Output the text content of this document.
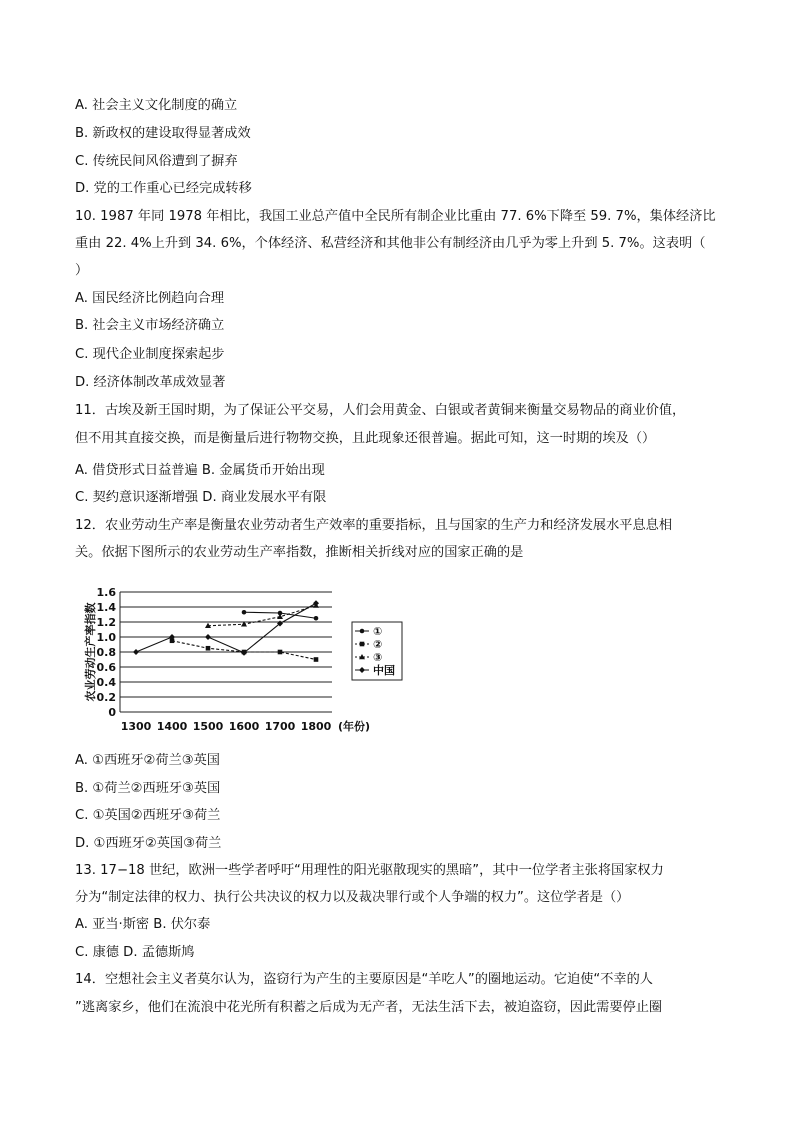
A. 社会主义文化制度的确立
B. 新政权的建设取得显著成效
C. 传统民间风俗遭到了摒弃
D. 党的工作重心已经完成转移
10. 1987 年同 1978 年相比，我国工业总产值中全民所有制企业比重由 77. 6%下降至 59. 7%，集体经济比
重由 22. 4%上升到 34. 6%，个体经济、私营经济和其他非公有制经济由几乎为零上升到 5. 7%。这表明（
）
A. 国民经济比例趋向合理
B. 社会主义市场经济确立
C. 现代企业制度探索起步
D. 经济体制改革成效显著
11．古埃及新王国时期，为了保证公平交易，人们会用黄金、白银或者黄铜来衡量交易物品的商业价值，
但不用其直接交换，而是衡量后进行物物交换，且此现象还很普遍。据此可知，这一时期的埃及（）
A. 借贷形式日益普遍 B. 金属货币开始出现
C. 契约意识逐渐增强 D. 商业发展水平有限
12．农业劳动生产率是衡量农业劳动者生产效率的重要指标，且与国家的生产力和经济发展水平息息相
关。依据下图所示的农业劳动生产率指数，推断相关折线对应的国家正确的是
0
0.2
0.4
0.6
0.8
1.0
1.2
1.4
1.6
1300 1400 1500 1600 1700 1800
农业劳动生产率指数
(年份)
①
②
③
中国
A. ①西班牙②荷兰③英国
B. ①荷兰②西班牙③英国
C. ①英国②西班牙③荷兰
D. ①西班牙②英国③荷兰
13. 17−18 世纪，欧洲一些学者呼吁“用理性的阳光驱散现实的黑暗”，其中一位学者主张将国家权力
分为“制定法律的权力、执行公共决议的权力以及裁决罪行或个人争端的权力”。这位学者是（）
A. 亚当·斯密 B. 伏尔泰
C. 康德 D. 孟德斯鸠
14．空想社会主义者莫尔认为，盗窃行为产生的主要原因是“羊吃人”的圈地运动。它迫使“不幸的人
”逃离家乡，他们在流浪中花光所有积蓄之后成为无产者，无法生活下去，被迫盗窃，因此需要停止圈
